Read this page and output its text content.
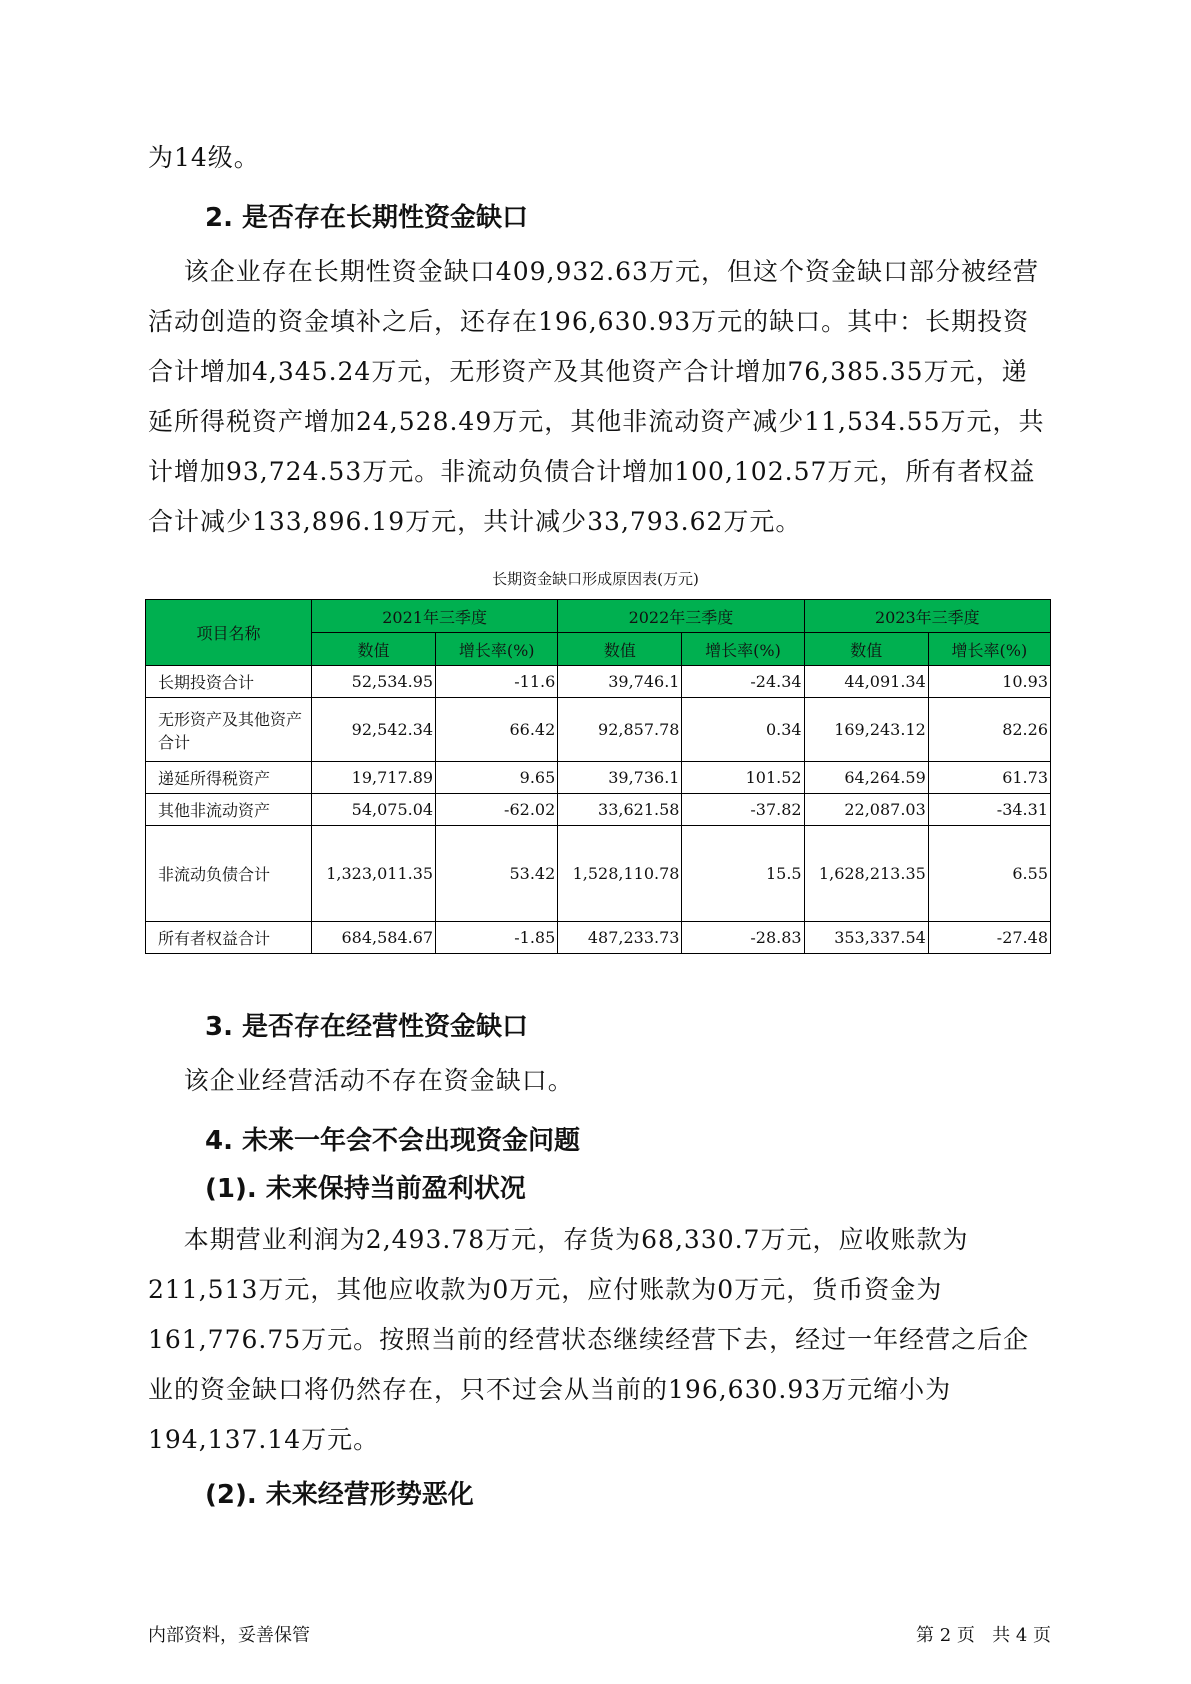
为14级。

2. 是否存在长期性资金缺口

该企业存在长期性资金缺口409,932.63万元，但这个资金缺口部分被经营活动创造的资金填补之后，还存在196,630.93万元的缺口。其中：长期投资合计增加4,345.24万元，无形资产及其他资产合计增加76,385.35万元，递延所得税资产增加24,528.49万元，其他非流动资产减少11,534.55万元，共计增加93,724.53万元。非流动负债合计增加100,102.57万元，所有者权益合计减少133,896.19万元，共计减少33,793.62万元。

长期资金缺口形成原因表(万元)
项目名称	2021年三季度		2022年三季度		2023年三季度	
	数值	增长率(%)	数值	增长率(%)	数值	增长率(%)
长期投资合计	52,534.95	-11.6	39,746.1	-24.34	44,091.34	10.93
无形资产及其他资产合计	92,542.34	66.42	92,857.78	0.34	169,243.12	82.26
递延所得税资产	19,717.89	9.65	39,736.1	101.52	64,264.59	61.73
其他非流动资产	54,075.04	-62.02	33,621.58	-37.82	22,087.03	-34.31
非流动负债合计	1,323,011.35	53.42	1,528,110.78	15.5	1,628,213.35	6.55
所有者权益合计	684,584.67	-1.85	487,233.73	-28.83	353,337.54	-27.48
3. 是否存在经营性资金缺口

该企业经营活动不存在资金缺口。

4. 未来一年会不会出现资金问题
(1). 未来保持当前盈利状况

本期营业利润为2,493.78万元，存货为68,330.7万元，应收账款为211,513万元，其他应收款为0万元，应付账款为0万元，货币资金为161,776.75万元。按照当前的经营状态继续经营下去，经过一年经营之后企业的资金缺口将仍然存在，只不过会从当前的196,630.93万元缩小为194,137.14万元。

(2). 未来经营形势恶化
内部资料，妥善保管	第 2 页   共 4 页
